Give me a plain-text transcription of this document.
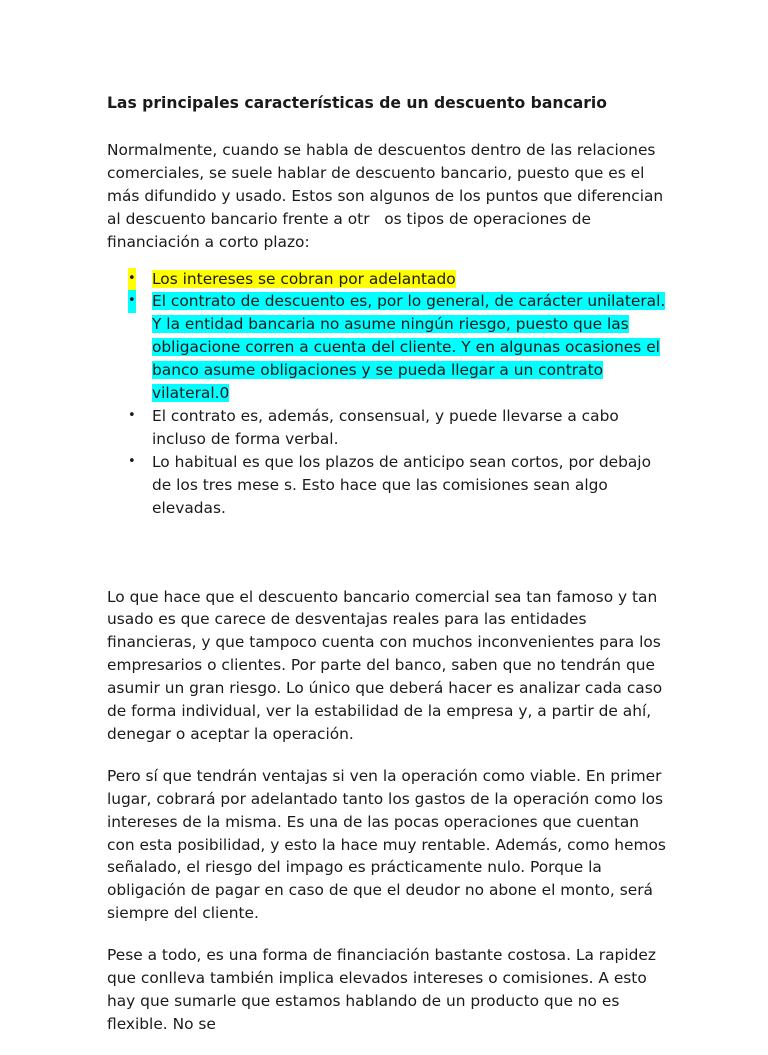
Las principales características de un descuento bancario

Normalmente, cuando se habla de descuentos dentro de las relaciones comerciales, se suele hablar de descuento bancario, puesto que es el más difundido y usado. Estos son algunos de los puntos que diferencian al descuento bancario frente a otr   os tipos de operaciones de financiación a corto plazo:

• Los intereses se cobran por adelantado
• El contrato de descuento es, por lo general, de carácter unilateral. Y la entidad bancaria no asume ningún riesgo, puesto que las obligacione corren a cuenta del cliente. Y en algunas ocasiones el banco asume obligaciones y se pueda llegar a un contrato vilateral.0
• El contrato es, además, consensual, y puede llevarse a cabo incluso de forma verbal.
• Lo habitual es que los plazos de anticipo sean cortos, por debajo de los tres mese s. Esto hace que las comisiones sean algo elevadas.

Lo que hace que el descuento bancario comercial sea tan famoso y tan usado es que carece de desventajas reales para las entidades financieras, y que tampoco cuenta con muchos inconvenientes para los empresarios o clientes. Por parte del banco, saben que no tendrán que asumir un gran riesgo. Lo único que deberá hacer es analizar cada caso de forma individual, ver la estabilidad de la empresa y, a partir de ahí, denegar o aceptar la operación.

Pero sí que tendrán ventajas si ven la operación como viable. En primer lugar, cobrará por adelantado tanto los gastos de la operación como los intereses de la misma. Es una de las pocas operaciones que cuentan con esta posibilidad, y esto la hace muy rentable. Además, como hemos señalado, el riesgo del impago es prácticamente nulo. Porque la obligación de pagar en caso de que el deudor no abone el monto, será siempre del cliente.

Pese a todo, es una forma de financiación bastante costosa. La rapidez que conlleva también implica elevados intereses o comisiones. A esto hay que sumarle que estamos hablando de un producto que no es flexible. No se
